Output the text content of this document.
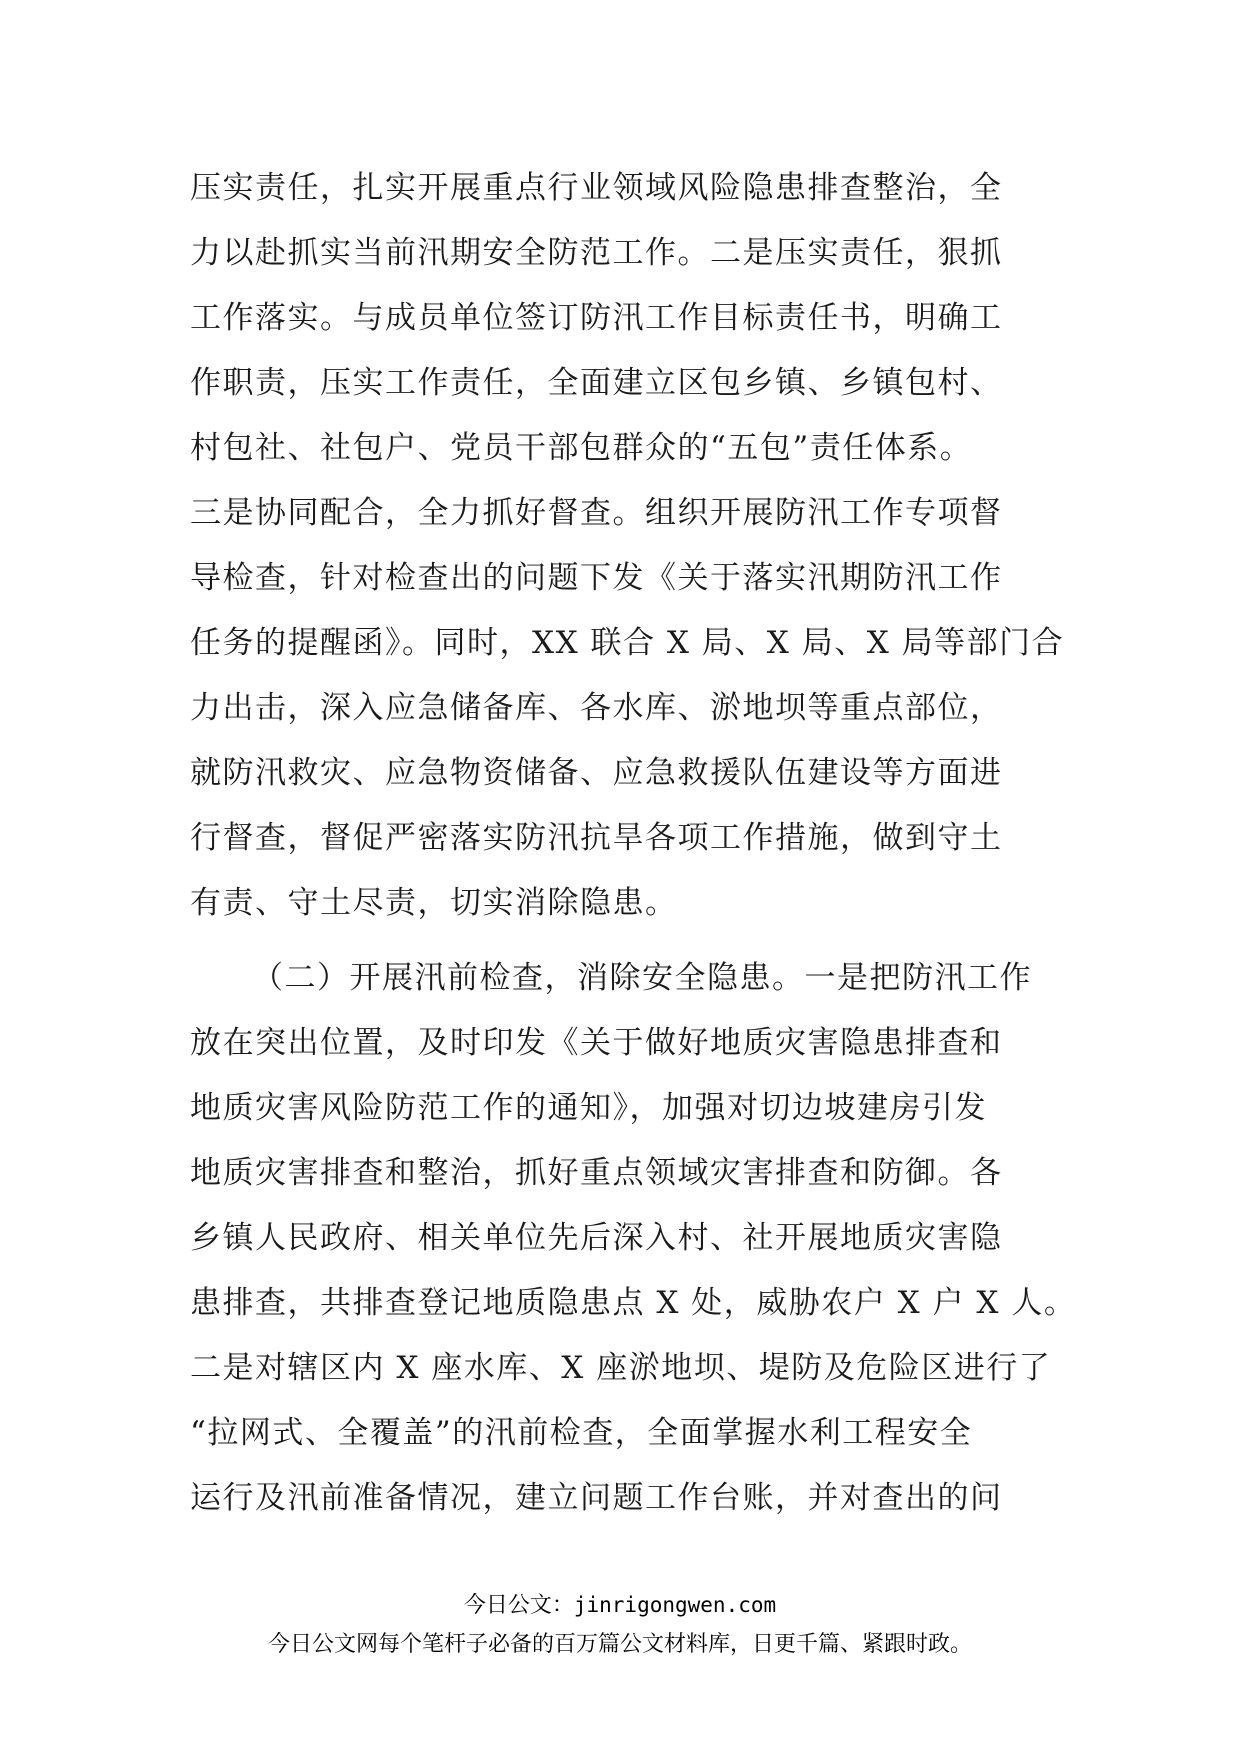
压实责任，扎实开展重点行业领域风险隐患排查整治，全
力以赴抓实当前汛期安全防范工作。二是压实责任，狠抓
工作落实。与成员单位签订防汛工作目标责任书，明确工
作职责，压实工作责任，全面建立区包乡镇、乡镇包村、
村包社、社包户、党员干部包群众的“五包”责任体系。
三是协同配合，全力抓好督查。组织开展防汛工作专项督
导检查，针对检查出的问题下发《关于落实汛期防汛工作
任务的提醒函》。同时，XX 联合 X 局、X 局、X 局等部门合
力出击，深入应急储备库、各水库、淤地坝等重点部位，
就防汛救灾、应急物资储备、应急救援队伍建设等方面进
行督查，督促严密落实防汛抗旱各项工作措施，做到守土
有责、守土尽责，切实消除隐患。
（二）开展汛前检查，消除安全隐患。一是把防汛工作
放在突出位置，及时印发《关于做好地质灾害隐患排查和
地质灾害风险防范工作的通知》，加强对切边坡建房引发
地质灾害排查和整治，抓好重点领域灾害排查和防御。各
乡镇人民政府、相关单位先后深入村、社开展地质灾害隐
患排查，共排查登记地质隐患点 X 处，威胁农户 X 户 X 人。
二是对辖区内 X 座水库、X 座淤地坝、堤防及危险区进行了
“拉网式、全覆盖”的汛前检查，全面掌握水利工程安全
运行及汛前准备情况，建立问题工作台账，并对查出的问
今日公文：jinrigongwen.com
今日公文网每个笔杆子必备的百万篇公文材料库，日更千篇、紧跟时政。
